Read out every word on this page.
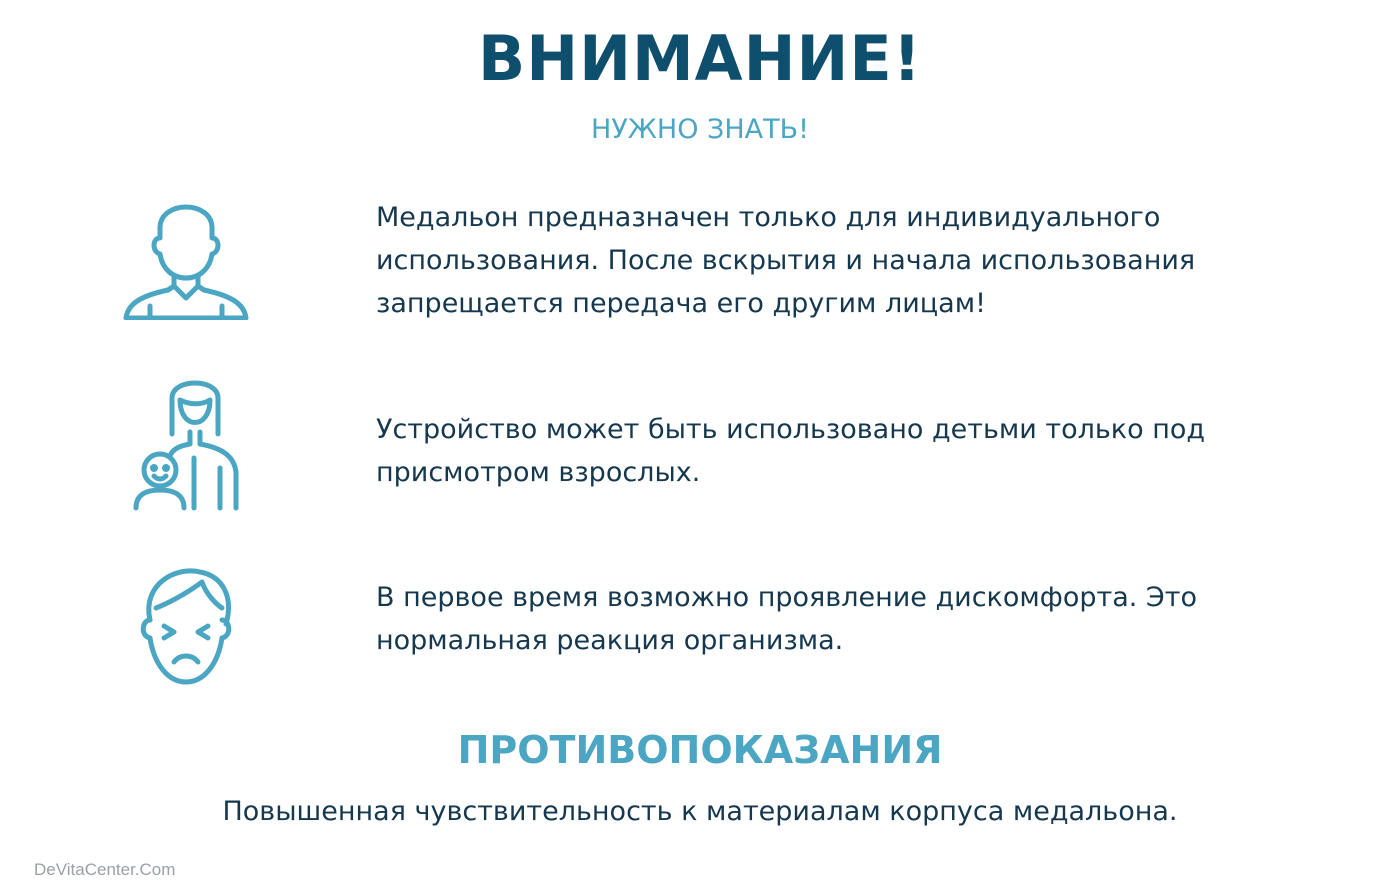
ВНИМАНИЕ!

НУЖНО ЗНАТЬ!

Медальон предназначен только для индивидуального использования. После вскрытия и начала использования запрещается передача его другим лицам!

Устройство может быть использовано детьми только под присмотром взрослых.

В первое время возможно проявление дискомфорта. Это нормальная реакция организма.

ПРОТИВОПОКАЗАНИЯ

Повышенная чувствительность к материалам корпуса медальона.

DeVitaCenter.Com
